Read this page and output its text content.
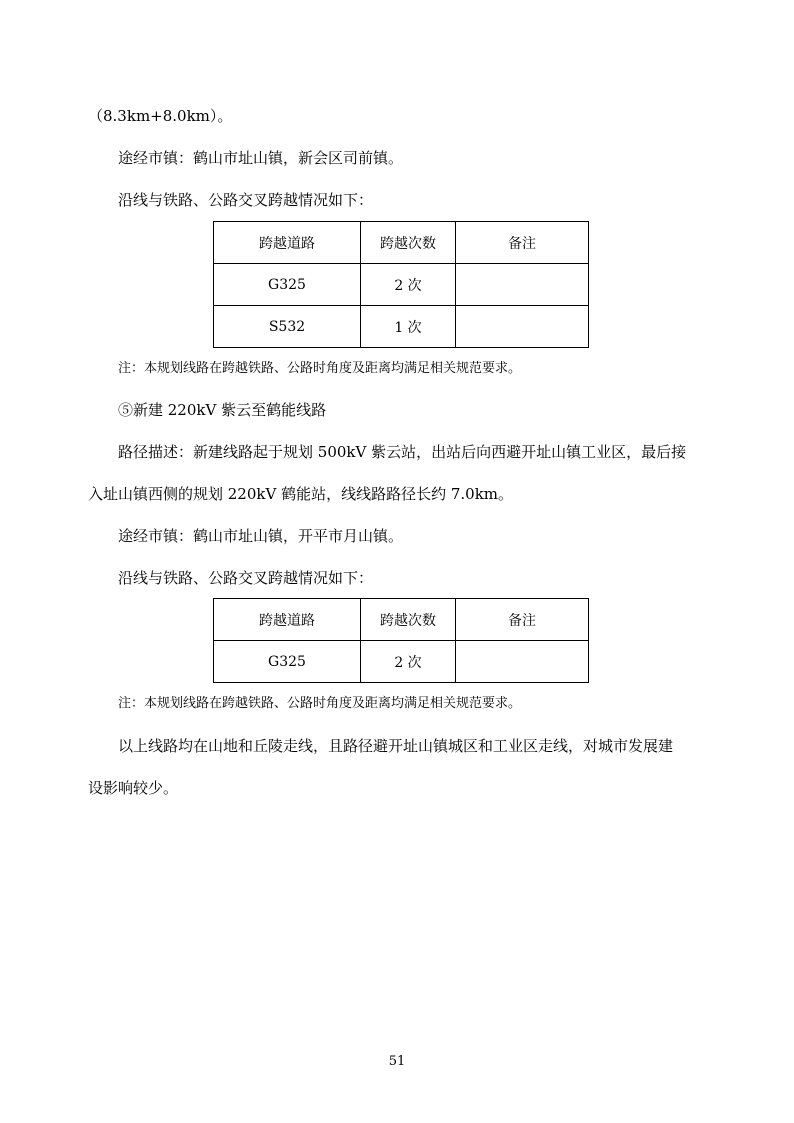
（8.3km+8.0km）。
途经市镇：鹤山市址山镇，新会区司前镇。
沿线与铁路、公路交叉跨越情况如下：
跨越道路	跨越次数	备注
G325	2 次	
S532	1 次	
注：本规划线路在跨越铁路、公路时角度及距离均满足相关规范要求。
⑤新建 220kV 紫云至鹤能线路
路径描述：新建线路起于规划 500kV 紫云站，出站后向西避开址山镇工业区，最后接
入址山镇西侧的规划 220kV 鹤能站，线线路路径长约 7.0km。
途经市镇：鹤山市址山镇，开平市月山镇。
沿线与铁路、公路交叉跨越情况如下：
跨越道路	跨越次数	备注
G325	2 次	
注：本规划线路在跨越铁路、公路时角度及距离均满足相关规范要求。
以上线路均在山地和丘陵走线，且路径避开址山镇城区和工业区走线，对城市发展建
设影响较少。
51
